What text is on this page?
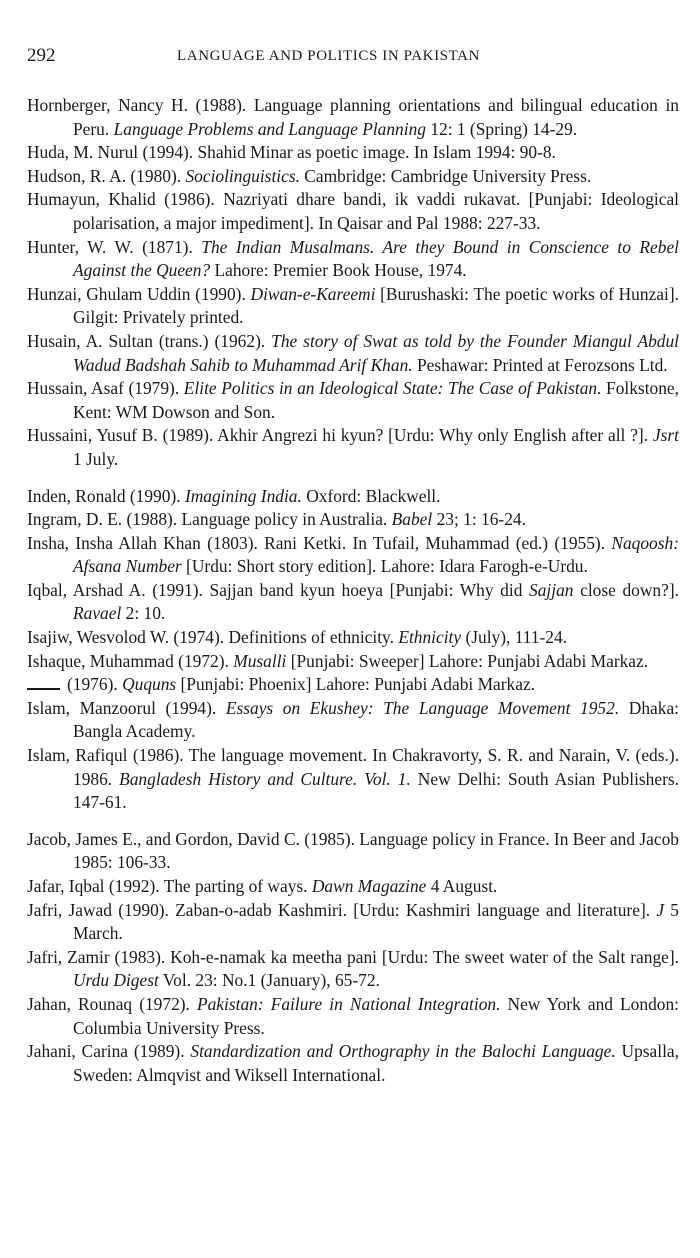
292	LANGUAGE AND POLITICS IN PAKISTAN

Hornberger, Nancy H. (1988). Language planning orientations and bilingual education in Peru. Language Problems and Language Planning 12: 1 (Spring) 14-29.

Huda, M. Nurul (1994). Shahid Minar as poetic image. In Islam 1994: 90-8.

Hudson, R. A. (1980). Sociolinguistics. Cambridge: Cambridge University Press.

Humayun, Khalid (1986). Nazriyati dhare bandi, ik vaddi rukavat. [Punjabi: Ideological polarisation, a major impediment]. In Qaisar and Pal 1988: 227-33.

Hunter, W. W. (1871). The Indian Musalmans. Are they Bound in Conscience to Rebel Against the Queen? Lahore: Premier Book House, 1974.

Hunzai, Ghulam Uddin (1990). Diwan-e-Kareemi [Burushaski: The poetic works of Hunzai]. Gilgit: Privately printed.

Husain, A. Sultan (trans.) (1962). The story of Swat as told by the Founder Miangul Abdul Wadud Badshah Sahib to Muhammad Arif Khan. Peshawar: Printed at Ferozsons Ltd.

Hussain, Asaf (1979). Elite Politics in an Ideological State: The Case of Pakistan. Folkstone, Kent: WM Dowson and Son.

Hussaini, Yusuf B. (1989). Akhir Angrezi hi kyun? [Urdu: Why only English after all ?]. Jsrt 1 July.

Inden, Ronald (1990). Imagining India. Oxford: Blackwell.

Ingram, D. E. (1988). Language policy in Australia. Babel 23; 1: 16-24.

Insha, Insha Allah Khan (1803). Rani Ketki. In Tufail, Muhammad (ed.) (1955). Naqoosh: Afsana Number [Urdu: Short story edition]. Lahore: Idara Farogh-e-Urdu.

Iqbal, Arshad A. (1991). Sajjan band kyun hoeya [Punjabi: Why did Sajjan close down?]. Ravael 2: 10.

Isajiw, Wesvolod W. (1974). Definitions of ethnicity. Ethnicity (July), 111-24.

Ishaque, Muhammad (1972). Musalli [Punjabi: Sweeper] Lahore: Punjabi Adabi Markaz.

(1976). Ququns [Punjabi: Phoenix] Lahore: Punjabi Adabi Markaz.

Islam, Manzoorul (1994). Essays on Ekushey: The Language Movement 1952. Dhaka: Bangla Academy.

Islam, Rafiqul (1986). The language movement. In Chakravorty, S. R. and Narain, V. (eds.). 1986. Bangladesh History and Culture. Vol. 1. New Delhi: South Asian Publishers. 147-61.

Jacob, James E., and Gordon, David C. (1985). Language policy in France. In Beer and Jacob 1985: 106-33.

Jafar, Iqbal (1992). The parting of ways. Dawn Magazine 4 August.

Jafri, Jawad (1990). Zaban-o-adab Kashmiri. [Urdu: Kashmiri language and literature]. J 5 March.

Jafri, Zamir (1983). Koh-e-namak ka meetha pani [Urdu: The sweet water of the Salt range]. Urdu Digest Vol. 23: No.1 (January), 65-72.

Jahan, Rounaq (1972). Pakistan: Failure in National Integration. New York and London: Columbia University Press.

Jahani, Carina (1989). Standardization and Orthography in the Balochi Language. Upsalla, Sweden: Almqvist and Wiksell International.
